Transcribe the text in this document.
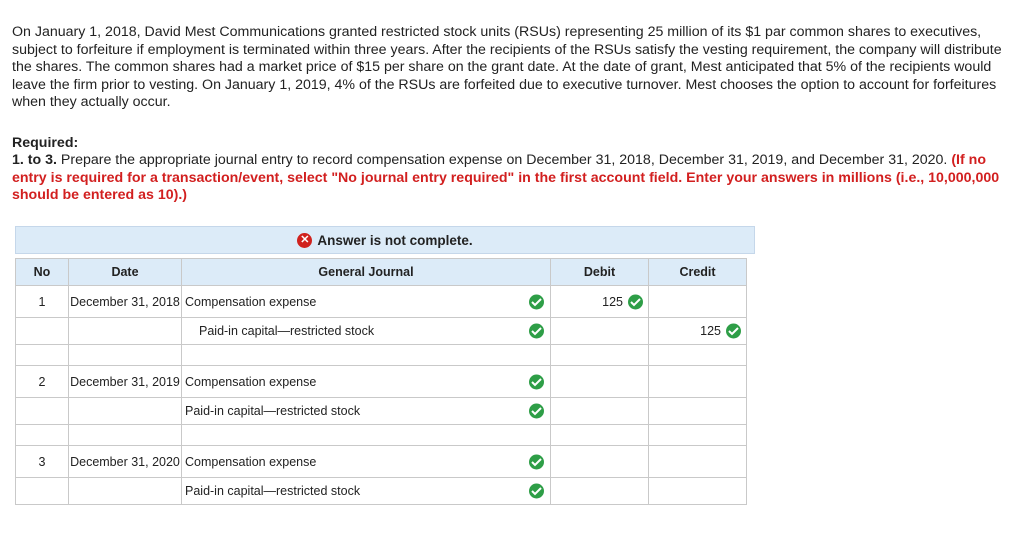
On January 1, 2018, David Mest Communications granted restricted stock units (RSUs) representing 25 million of its $1 par common shares to executives, subject to forfeiture if employment is terminated within three years. After the recipients of the RSUs satisfy the vesting requirement, the company will distribute the shares. The common shares had a market price of $15 per share on the grant date. At the date of grant, Mest anticipated that 5% of the recipients would leave the firm prior to vesting. On January 1, 2019, 4% of the RSUs are forfeited due to executive turnover. Mest chooses the option to account for forfeitures when they actually occur.
Required:
1. to 3. Prepare the appropriate journal entry to record compensation expense on December 31, 2018, December 31, 2019, and December 31, 2020. (If no entry is required for a transaction/event, select "No journal entry required" in the first account field. Enter your answers in millions (i.e., 10,000,000 should be entered as 10).)
✕ Answer is not complete.
No	Date	General Journal	Debit	Credit
1	December 31, 2018	Compensation expense	125	

		Paid-in capital—restricted stock		125

2	December 31, 2019	Compensation expense		

		Paid-in capital—restricted stock		

3	December 31, 2020	Compensation expense		

		Paid-in capital—restricted stock		
